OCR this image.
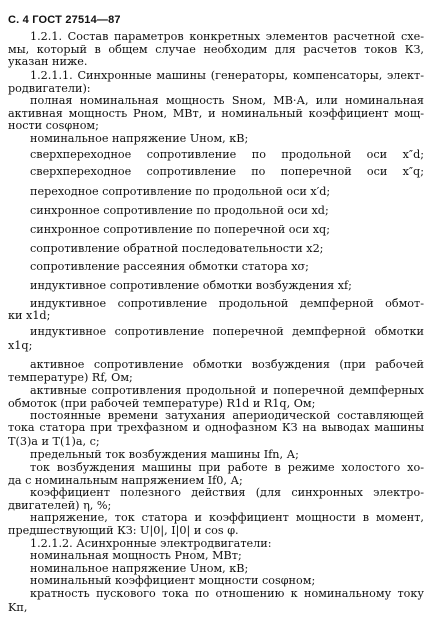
С. 4 ГОСТ 27514—87
1.2.1. Состав параметров конкретных элементов расчетной схе-
мы, который в общем случае необходим для расчетов токов КЗ,
указан ниже.
1.2.1.1. Синхронные машины (генераторы, компенсаторы, элект-
родвигатели):
полная номинальная мощность Sном, МВ·А, или номинальная
активная мощность Pном, МВт, и номинальный коэффициент мощ-
ности cosφном;
номинальное напряжение Uном, кВ;
сверхпереходное сопротивление по продольной оси x″d;
сверхпереходное сопротивление по поперечной оси x″q;
переходное сопротивление по продольной оси x′d;
синхронное сопротивление по продольной оси xd;
синхронное сопротивление по поперечной оси xq;
сопротивление обратной последовательности x2;
сопротивление рассеяния обмотки статора xσ;
индуктивное сопротивление обмотки возбуждения xf;
индуктивное сопротивление продольной демпферной обмот-
ки x1d;
индуктивное сопротивление поперечной демпферной обмотки
x1q;
активное сопротивление обмотки возбуждения (при рабочей
температуре) Rf, Ом;
активные сопротивления продольной и поперечной демпферных
обмоток (при рабочей температуре) R1d и R1q, Ом;
постоянные времени затухания апериодической составляющей
тока статора при трехфазном и однофазном КЗ на выводах машины
T(3)a и T(1)a, с;
предельный ток возбуждения машины Ifn, А;
ток возбуждения машины при работе в режиме холостого хо-
да с номинальным напряжением If0, А;
коэффициент полезного действия (для синхронных электро-
двигателей) η, %;
напряжение, ток статора и коэффициент мощности в момент,
предшествующий КЗ: U|0|, I|0| и cos φ.
1.2.1.2. Асинхронные электродвигатели:
номинальная мощность Pном, МВт;
номинальное напряжение Uном, кВ;
номинальный коэффициент мощности cosφном;
кратность пускового тока по отношению к номинальному току
Kп,
